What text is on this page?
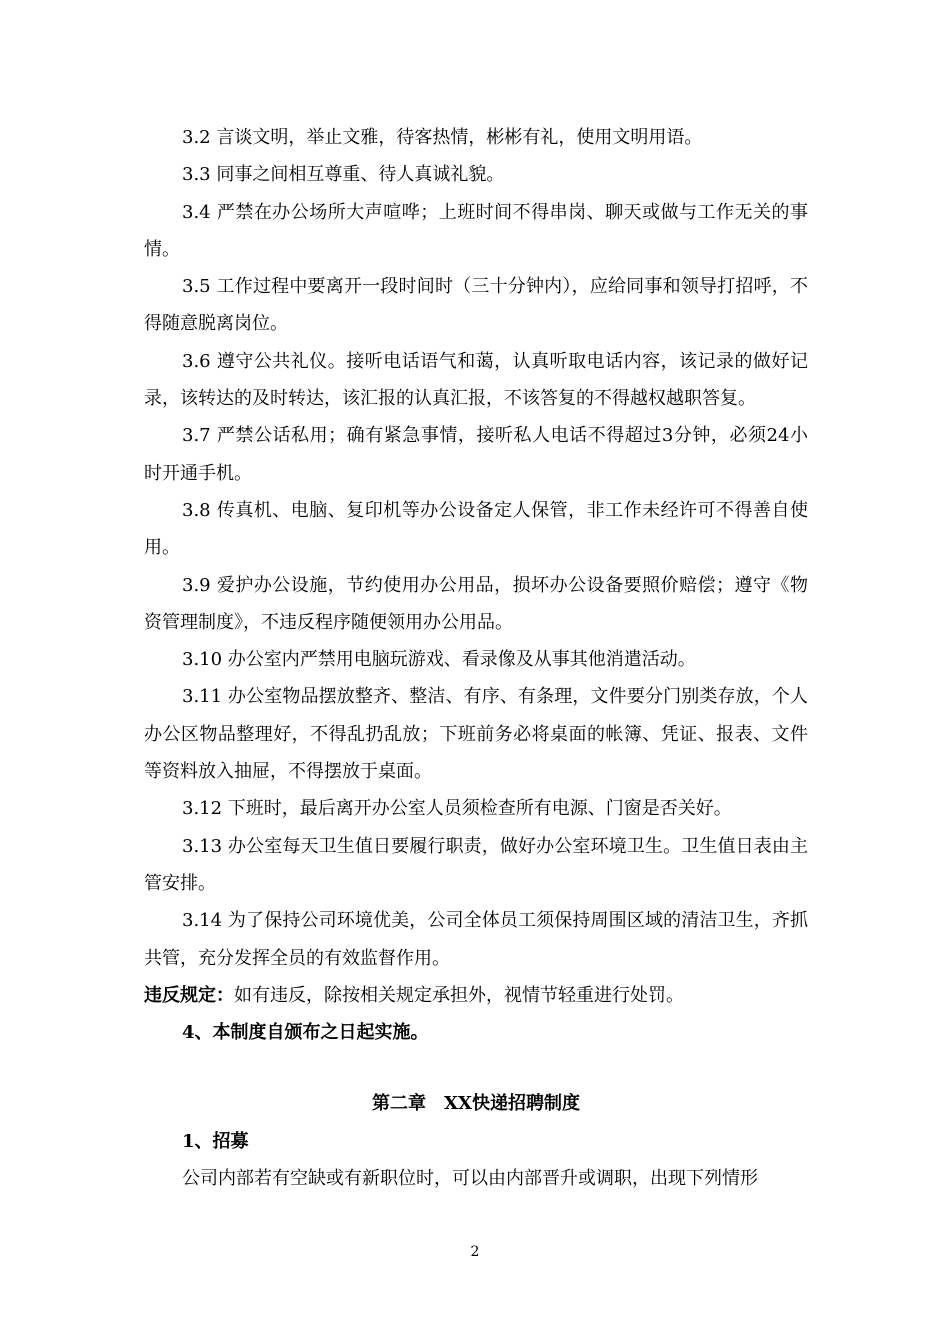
3.2 言谈文明，举止文雅，待客热情，彬彬有礼，使用文明用语。

3.3 同事之间相互尊重、待人真诚礼貌。

3.4 严禁在办公场所大声喧哗；上班时间不得串岗、聊天或做与工作无关的事情。

3.5 工作过程中要离开一段时间时（三十分钟内），应给同事和领导打招呼，不得随意脱离岗位。

3.6 遵守公共礼仪。接听电话语气和蔼，认真听取电话内容，该记录的做好记录，该转达的及时转达，该汇报的认真汇报，不该答复的不得越权越职答复。

3.7 严禁公话私用；确有紧急事情，接听私人电话不得超过3分钟，必须24小时开通手机。

3.8 传真机、电脑、复印机等办公设备定人保管，非工作未经许可不得善自使用。

3.9 爱护办公设施，节约使用办公用品，损坏办公设备要照价赔偿；遵守《物资管理制度》，不违反程序随便领用办公用品。

3.10 办公室内严禁用电脑玩游戏、看录像及从事其他消遣活动。

3.11 办公室物品摆放整齐、整洁、有序、有条理，文件要分门别类存放，个人办公区物品整理好，不得乱扔乱放；下班前务必将桌面的帐簿、凭证、报表、文件等资料放入抽屉，不得摆放于桌面。

3.12 下班时，最后离开办公室人员须检查所有电源、门窗是否关好。

3.13 办公室每天卫生值日要履行职责，做好办公室环境卫生。卫生值日表由主管安排。

3.14 为了保持公司环境优美，公司全体员工须保持周围区域的清洁卫生，齐抓共管，充分发挥全员的有效监督作用。

违反规定：如有违反，除按相关规定承担外，视情节轻重进行处罚。

4、本制度自颁布之日起实施。

第二章　XX快递招聘制度

1、招募

公司内部若有空缺或有新职位时，可以由内部晋升或调职，出现下列情形

2
